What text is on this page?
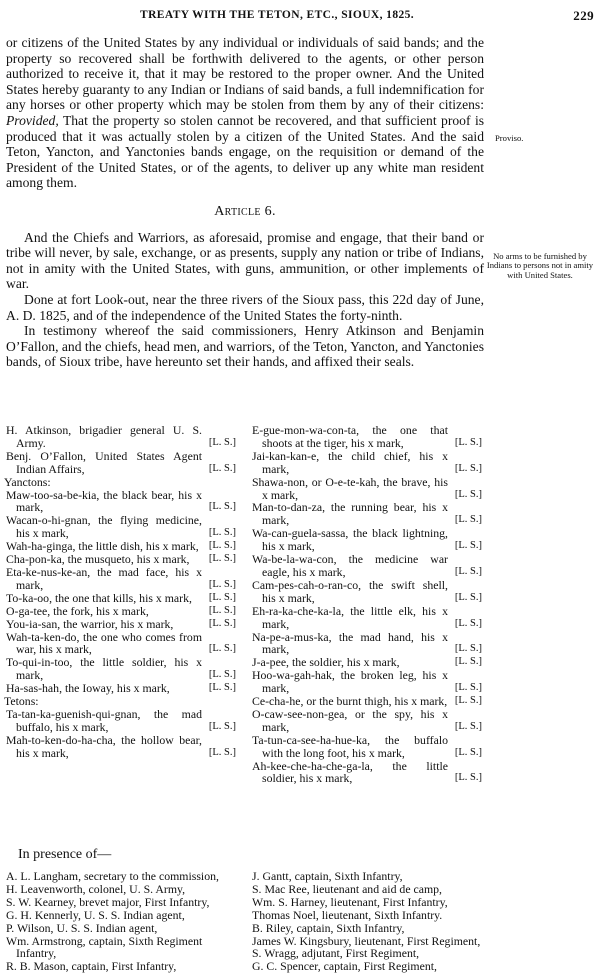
TREATY WITH THE TETON, ETC., SIOUX, 1825.	229

or citizens of the United States by any individual or individuals of said bands; and the property so recovered shall be forthwith delivered to the agents, or other person authorized to receive it, that it may be restored to the proper owner. And the United States hereby guaranty to any Indian or Indians of said bands, a full indemnification for any horses or other property which may be stolen from them by any of their citizens: Provided, That the property so stolen cannot be recovered, and that sufficient proof is produced that it was actually stolen by a citizen of the United States. And the said Teton, Yancton, and Yanctonies bands engage, on the requisition or demand of the President of the United States, or of the agents, to deliver up any white man resident among them.

Article 6.

And the Chiefs and Warriors, as aforesaid, promise and engage, that their band or tribe will never, by sale, exchange, or as presents, supply any nation or tribe of Indians, not in amity with the United States, with guns, ammunition, or other implements of war.

Done at fort Look-out, near the three rivers of the Sioux pass, this 22d day of June, A. D. 1825, and of the independence of the United States the forty-ninth.

In testimony whereof the said commissioners, Henry Atkinson and Benjamin O’Fallon, and the chiefs, head men, and warriors, of the Teton, Yancton, and Yanctonies bands, of Sioux tribe, have hereunto set their hands, and affixed their seals.

Proviso.
No arms to be furnished by Indians to persons not in amity with United States.
H. Atkinson, brigadier general U. S. Army.	[L. S.]
Benj. O’Fallon, United States Agent Indian Affairs,	[L. S.]
Yanctons:
Maw-too-sa-be-kia, the black bear, his x mark,	[L. S.]
Wacan-o-hi-gnan, the flying medicine, his x mark,	[L. S.]
Wah-ha-ginga, the little dish, his x mark, [L. S.]
Cha-pon-ka, the musqueto, his x mark, [L. S.]
Eta-ke-nus-ke-an, the mad face, his x mark,	[L. S.]
To-ka-oo, the one that kills, his x mark, [L. S.]
O-ga-tee, the fork, his x mark,	[L. S.]
You-ia-san, the warrior, his x mark,	[L. S.]
Wah-ta-ken-do, the one who comes from war, his x mark,	[L. S.]
To-qui-in-too, the little soldier, his x mark,	[L. S.]
Ha-sas-hah, the Ioway, his x mark,	[L. S.]
Tetons:
Ta-tan-ka-guenish-qui-gnan, the mad buffalo, his x mark,	[L. S.]
Mah-to-ken-do-ha-cha, the hollow bear, his x mark,	[L. S.]
E-gue-mon-wa-con-ta, the one that shoots at the tiger, his x mark,	[L. S.]
Jai-kan-kan-e, the child chief, his x mark,	[L. S.]
Shawa-non, or O-e-te-kah, the brave, his x mark,	[L. S.]
Man-to-dan-za, the running bear, his x mark,	[L. S.]
Wa-can-guela-sassa, the black lightning, his x mark,	[L. S.]
Wa-be-la-wa-con, the medicine war eagle, his x mark,	[L. S.]
Cam-pes-cah-o-ran-co, the swift shell, his x mark,	[L. S.]
Eh-ra-ka-che-ka-la, the little elk, his x mark,	[L. S.]
Na-pe-a-mus-ka, the mad hand, his x mark,	[L. S.]
J-a-pee, the soldier, his x mark,	[L. S.]
Hoo-wa-gah-hak, the broken leg, his x mark,	[L. S.]
Ce-cha-he, or the burnt thigh, his x mark, [L. S.]
O-caw-see-non-gea, or the spy, his x mark,	[L. S.]
Ta-tun-ca-see-ha-hue-ka, the buffalo with the long foot, his x mark,	[L. S.]
Ah-kee-che-ha-che-ga-la, the little soldier, his x mark,	[L. S.]
In presence of—
A. L. Langham, secretary to the commission,
H. Leavenworth, colonel, U. S. Army,
S. W. Kearney, brevet major, First Infantry,
G. H. Kennerly, U. S. S. Indian agent,
P. Wilson, U. S. S. Indian agent,
Wm. Armstrong, captain, Sixth Regiment Infantry,
R. B. Mason, captain, First Infantry,
J. Gantt, captain, Sixth Infantry,
S. Mac Ree, lieutenant and aid de camp,
Wm. S. Harney, lieutenant, First Infantry,
Thomas Noel, lieutenant, Sixth Infantry.
B. Riley, captain, Sixth Infantry,
James W. Kingsbury, lieutenant, First Regiment,
S. Wragg, adjutant, First Regiment,
G. C. Spencer, captain, First Regiment,
